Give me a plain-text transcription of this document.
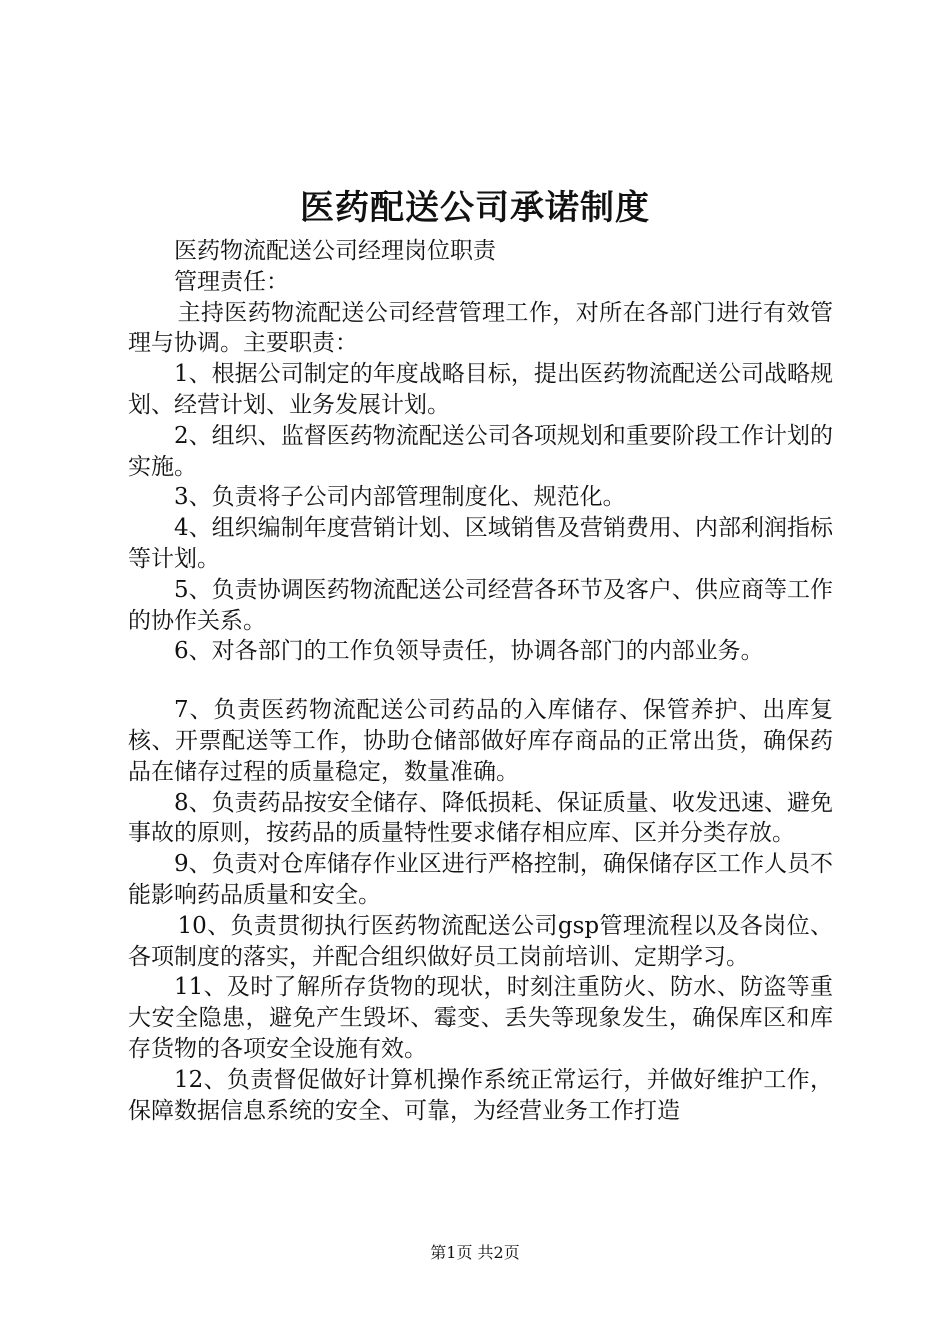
医药配送公司承诺制度

医药物流配送公司经理岗位职责

管理责任：

主持医药物流配送公司经营管理工作，对所在各部门进行有效管理与协调。主要职责：

1、根据公司制定的年度战略目标，提出医药物流配送公司战略规划、经营计划、业务发展计划。

2、组织、监督医药物流配送公司各项规划和重要阶段工作计划的实施。

3、负责将子公司内部管理制度化、规范化。

4、组织编制年度营销计划、区域销售及营销费用、内部利润指标等计划。

5、负责协调医药物流配送公司经营各环节及客户、供应商等工作的协作关系。

6、对各部门的工作负领导责任，协调各部门的内部业务。

7、负责医药物流配送公司药品的入库储存、保管养护、出库复核、开票配送等工作，协助仓储部做好库存商品的正常出货，确保药品在储存过程的质量稳定，数量准确。

8、负责药品按安全储存、降低损耗、保证质量、收发迅速、避免事故的原则，按药品的质量特性要求储存相应库、区并分类存放。

9、负责对仓库储存作业区进行严格控制，确保储存区工作人员不能影响药品质量和安全。

10、负责贯彻执行医药物流配送公司gsp管理流程以及各岗位、各项制度的落实，并配合组织做好员工岗前培训、定期学习。

11、及时了解所存货物的现状，时刻注重防火、防水、防盗等重大安全隐患，避免产生毁坏、霉变、丢失等现象发生，确保库区和库存货物的各项安全设施有效。

12、负责督促做好计算机操作系统正常运行，并做好维护工作，保障数据信息系统的安全、可靠，为经营业务工作打造

第1页 共2页
